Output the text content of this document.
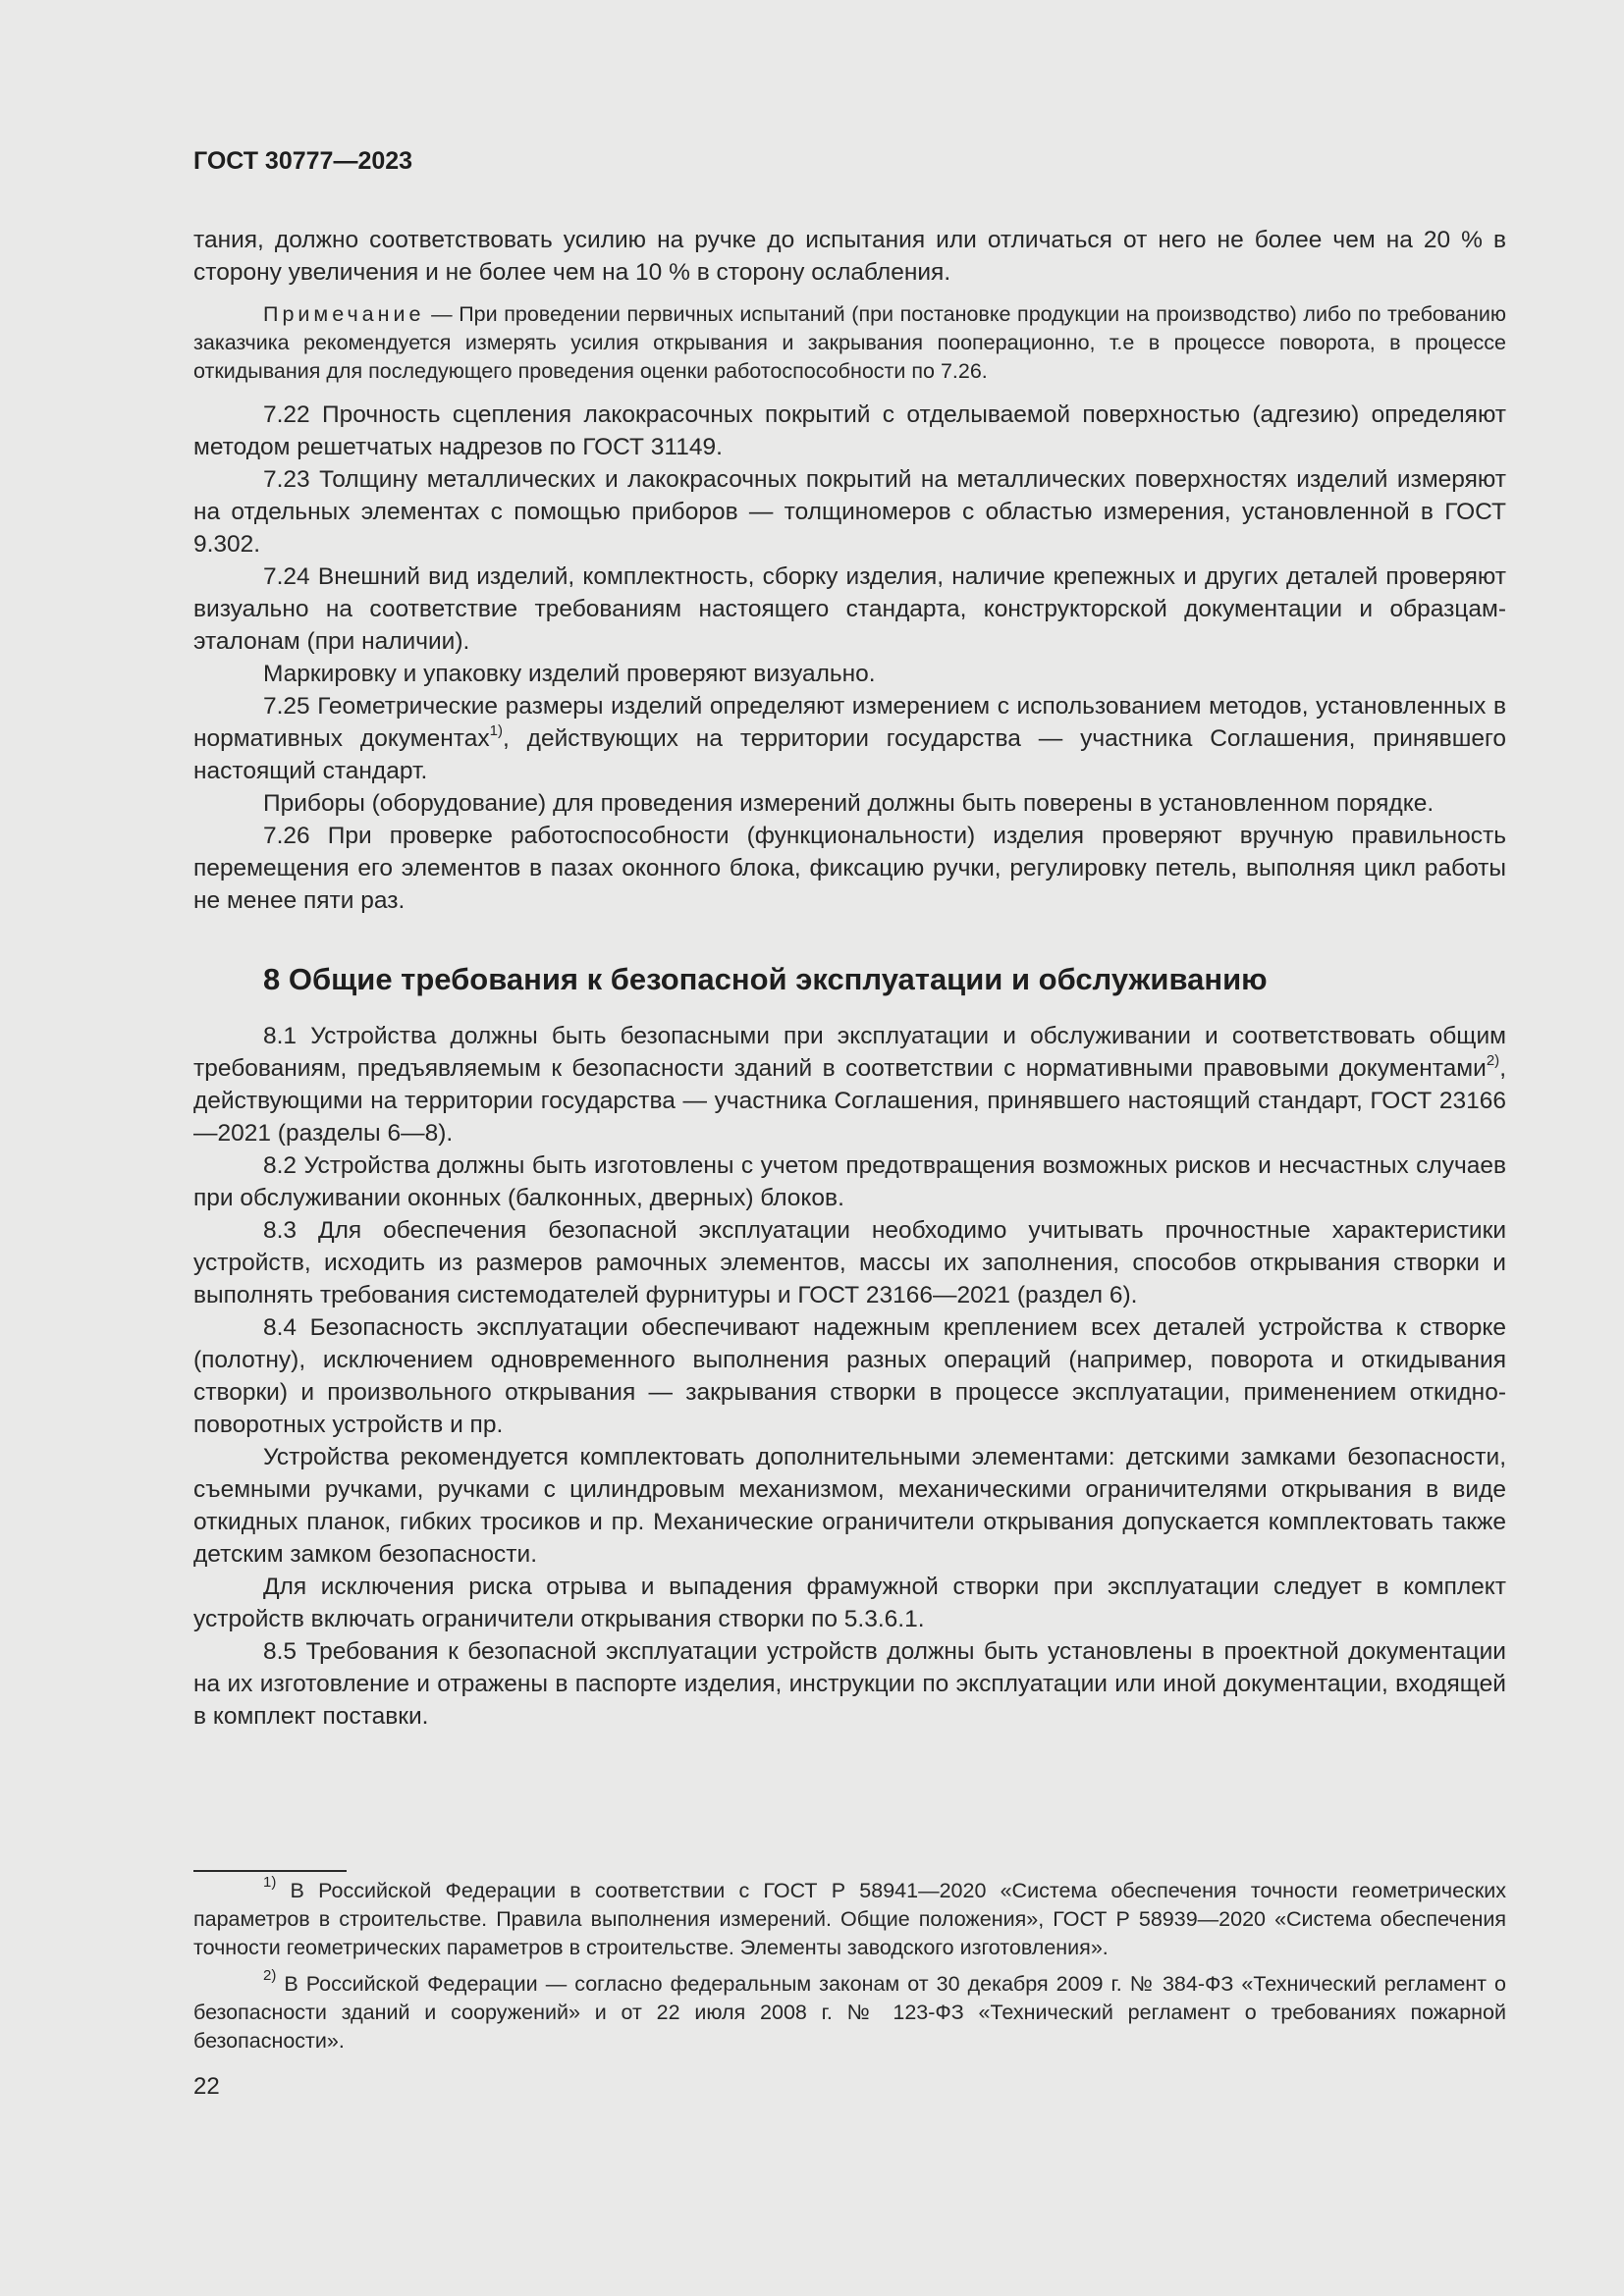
ГОСТ 30777—2023

тания, должно соответствовать усилию на ручке до испытания или отличаться от него не более чем на 20 % в сторону увеличения и не более чем на 10 % в сторону ослабления.

Примечание — При проведении первичных испытаний (при постановке продукции на производство) либо по требованию заказчика рекомендуется измерять усилия открывания и закрывания пооперационно, т.е в процессе поворота, в процессе откидывания для последующего проведения оценки работоспособности по 7.26.

7.22 Прочность сцепления лакокрасочных покрытий с отделываемой поверхностью (адгезию) определяют методом решетчатых надрезов по ГОСТ 31149.

7.23 Толщину металлических и лакокрасочных покрытий на металлических поверхностях изделий измеряют на отдельных элементах с помощью приборов — толщиномеров с областью измерения, установленной в ГОСТ 9.302.

7.24 Внешний вид изделий, комплектность, сборку изделия, наличие крепежных и других деталей проверяют визуально на соответствие требованиям настоящего стандарта, конструкторской документации и образцам-эталонам (при наличии).

Маркировку и упаковку изделий проверяют визуально.

7.25 Геометрические размеры изделий определяют измерением с использованием методов, установленных в нормативных документах$^{1)}$, действующих на территории государства — участника Соглашения, принявшего настоящий стандарт.

Приборы (оборудование) для проведения измерений должны быть поверены в установленном порядке.

7.26 При проверке работоспособности (функциональности) изделия проверяют вручную правильность перемещения его элементов в пазах оконного блока, фиксацию ручки, регулировку петель, выполняя цикл работы не менее пяти раз.

8 Общие требования к безопасной эксплуатации и обслуживанию

8.1 Устройства должны быть безопасными при эксплуатации и обслуживании и соответствовать общим требованиям, предъявляемым к безопасности зданий в соответствии с нормативными правовыми документами$^{2)}$, действующими на территории государства — участника Соглашения, принявшего настоящий стандарт, ГОСТ 23166—2021 (разделы 6—8).

8.2 Устройства должны быть изготовлены с учетом предотвращения возможных рисков и несчастных случаев при обслуживании оконных (балконных, дверных) блоков.

8.3 Для обеспечения безопасной эксплуатации необходимо учитывать прочностные характеристики устройств, исходить из размеров рамочных элементов, массы их заполнения, способов открывания створки и выполнять требования системодателей фурнитуры и ГОСТ 23166—2021 (раздел 6).

8.4 Безопасность эксплуатации обеспечивают надежным креплением всех деталей устройства к створке (полотну), исключением одновременного выполнения разных операций (например, поворота и откидывания створки) и произвольного открывания — закрывания створки в процессе эксплуатации, применением откидно-поворотных устройств и пр.

Устройства рекомендуется комплектовать дополнительными элементами: детскими замками безопасности, съемными ручками, ручками с цилиндровым механизмом, механическими ограничителями открывания в виде откидных планок, гибких тросиков и пр. Механические ограничители открывания допускается комплектовать также детским замком безопасности.

Для исключения риска отрыва и выпадения фрамужной створки при эксплуатации следует в комплект устройств включать ограничители открывания створки по 5.3.6.1.

8.5 Требования к безопасной эксплуатации устройств должны быть установлены в проектной документации на их изготовление и отражены в паспорте изделия, инструкции по эксплуатации или иной документации, входящей в комплект поставки.

$^{1)}$ В Российской Федерации в соответствии с ГОСТ Р 58941—2020 «Система обеспечения точности геометрических параметров в строительстве. Правила выполнения измерений. Общие положения», ГОСТ Р 58939—2020 «Система обеспечения точности геометрических параметров в строительстве. Элементы заводского изготовления».

$^{2)}$ В Российской Федерации — согласно федеральным законам от 30 декабря 2009 г. № 384-ФЗ «Технический регламент о безопасности зданий и сооружений» и от 22 июля 2008 г. № 123-ФЗ «Технический регламент о требованиях пожарной безопасности».

22
